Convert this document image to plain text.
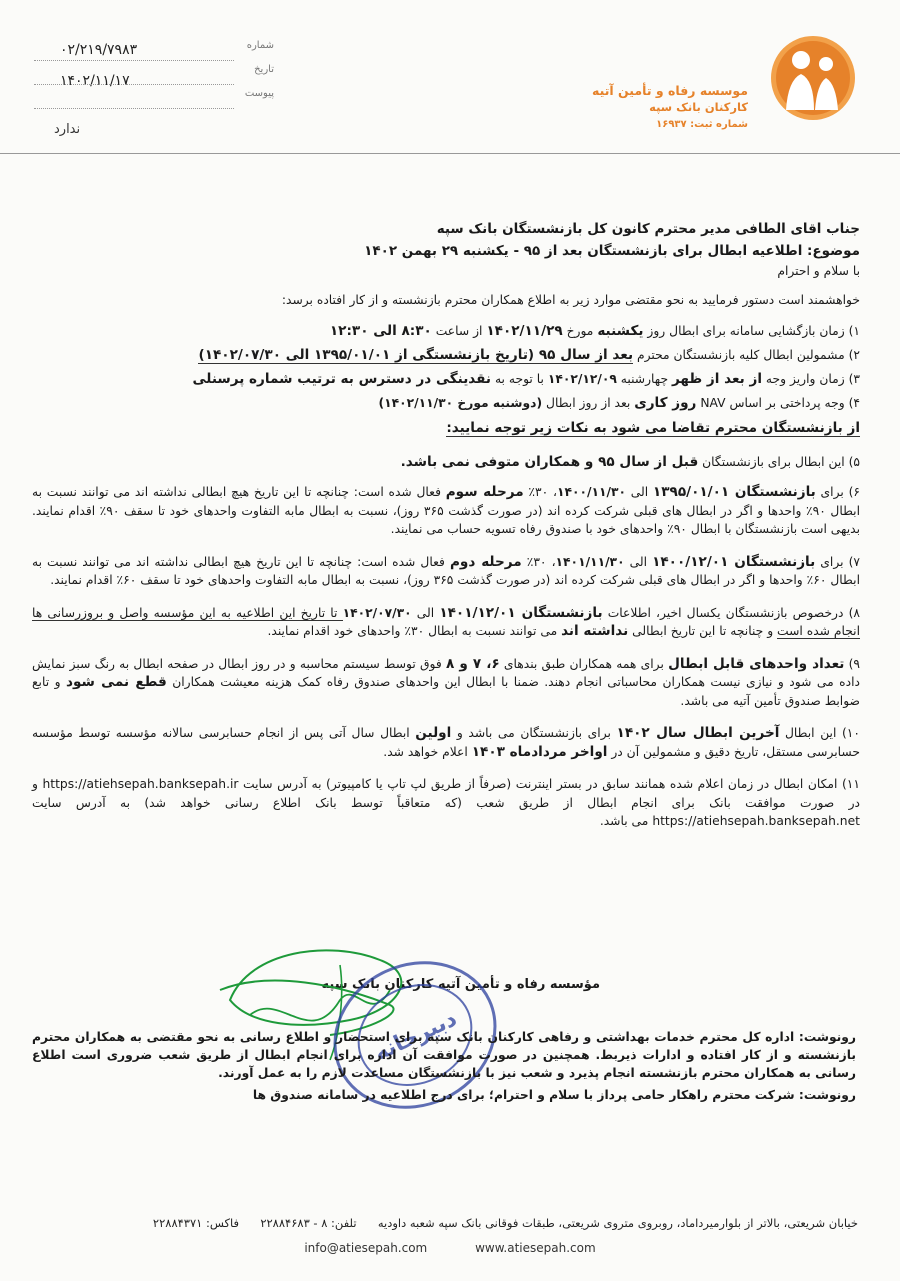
موسسه رفاه و تأمین آتیه
کارکنان بانک سپه
شماره ثبت: ۱۶۹۳۷
شماره
۰۲/۲۱۹/۷۹۸۳
تاریخ
۱۴۰۲/۱۱/۱۷
پیوست
ندارد

جناب اقای الطافی مدیر محترم کانون کل بازنشستگان بانک سپه

موضوع: اطلاعیه ابطال برای بازنشستگان بعد از ۹۵ - یکشنبه ۲۹ بهمن ۱۴۰۲

با سلام و احترام

خواهشمند است دستور فرمایید به نحو مقتضی موارد زیر به اطلاع همکاران محترم بازنشسته و از کار افتاده برسد:

۱) زمان بازگشایی سامانه برای ابطال روز یکشنبه مورخ ۱۴۰۲/۱۱/۲۹ از ساعت ۸:۳۰ الی ۱۲:۳۰

۲) مشمولین ابطال کلیه بازنشستگان محترم بعد از سال ۹۵ (تاریخ بازنشستگی از ۱۳۹۵/۰۱/۰۱ الی ۱۴۰۲/۰۷/۳۰)

۳) زمان واریز وجه از بعد از ظهر چهارشنبه ۱۴۰۲/۱۲/۰۹ با توجه به نقدینگی در دسترس به ترتیب شماره پرسنلی

۴) وجه پرداختی بر اساس NAV روز کاری بعد از روز ابطال (دوشنبه مورخ ۱۴۰۲/۱۱/۳۰)

از بازنشستگان محترم تقاضا می شود به نکات زیر توجه نمایید:

۵) این ابطال برای بازنشستگان قبل از سال ۹۵ و همکاران متوفی نمی باشد.

۶) برای بازنشستگان ۱۳۹۵/۰۱/۰۱ الی ۱۴۰۰/۱۱/۳۰، ۳۰٪ مرحله سوم فعال شده است: چنانچه تا این تاریخ هیچ ابطالی نداشته اند می توانند نسبت به ابطال ۹۰٪ واحدها و اگر در ابطال های قبلی شرکت کرده اند (در صورت گذشت ۳۶۵ روز)، نسبت به ابطال مابه التفاوت واحدهای خود تا سقف ۹۰٪ اقدام نمایند. بدیهی است بازنشستگان با ابطال ۹۰٪ واحدهای خود با صندوق رفاه تسویه حساب می نمایند.

۷) برای بازنشستگان ۱۴۰۰/۱۲/۰۱ الی ۱۴۰۱/۱۱/۳۰، ۳۰٪ مرحله دوم فعال شده است: چنانچه تا این تاریخ هیچ ابطالی نداشته اند می توانند نسبت به ابطال ۶۰٪ واحدها و اگر در ابطال های قبلی شرکت کرده اند (در صورت گذشت ۳۶۵ روز)، نسبت به ابطال مابه التفاوت واحدهای خود تا سقف ۶۰٪ اقدام نمایند.

۸) درخصوص بازنشستگان یکسال اخیر، اطلاعات بازنشستگان ۱۴۰۱/۱۲/۰۱ الی ۱۴۰۲/۰۷/۳۰ تا تاریخ این اطلاعیه به این مؤسسه واصل و بروزرسانی ها انجام شده است و چنانچه تا این تاریخ ابطالی نداشته اند می توانند نسبت به ابطال ۳۰٪ واحدهای خود اقدام نمایند.

۹) تعداد واحدهای قابل ابطال برای همه همکاران طبق بندهای ۶، ۷ و ۸ فوق توسط سیستم محاسبه و در روز ابطال در صفحه ابطال به رنگ سبز نمایش داده می شود و نیازی نیست همکاران محاسباتی انجام دهند. ضمنا با ابطال این واحدهای صندوق رفاه کمک هزینه معیشت همکاران قطع نمی شود و تابع ضوابط صندوق تأمین آتیه می باشد.

۱۰) این ابطال آخرین ابطال سال ۱۴۰۲ برای بازنشستگان می باشد و اولین ابطال سال آتی پس از انجام حسابرسی سالانه مؤسسه توسط مؤسسه حسابرسی مستقل، تاریخ دقیق و مشمولین آن در اواخر مردادماه ۱۴۰۳ اعلام خواهد شد.

۱۱) امکان ابطال در زمان اعلام شده همانند سابق در بستر اینترنت (صرفاً از طریق لپ تاپ یا کامپیوتر) به آدرس سایت https://atiehsepah.banksepah.ir و در صورت موافقت بانک برای انجام ابطال از طریق شعب (که متعاقباً توسط بانک اطلاع رسانی خواهد شد) به آدرس سایت https://atiehsepah.banksepah.net می باشد.

مؤسسه رفاه و تأمین آتیه کارکنان بانک سپه
دبیرخانه

رونوشت: اداره کل محترم خدمات بهداشتی و رفاهی کارکنان بانک سپه برای استحضار و اطلاع رسانی به نحو مقتضی به همکاران محترم بازنشسته و از کار افتاده و ادارات ذیربط. همچنین در صورت موافقت آن اداره برای انجام ابطال از طریق شعب ضروری است اطلاع رسانی به همکاران محترم بازنشسته انجام پذیرد و شعب نیز با بازنشستگان مساعدت لازم را به عمل آورند.

رونوشت: شرکت محترم راهکار حامی پرداز با سلام و احترام؛ برای درج اطلاعیه در سامانه صندوق ها

خیابان شریعتی، بالاتر از بلوارمیرداماد، روبروی متروی شریعتی، طبقات فوقانی بانک سپه شعبه داودیه  تلفن: ۸ - ۲۲۸۸۴۶۸۳  فاکس: ۲۲۸۸۴۳۷۱
info@atiesepah.com	www.atiesepah.com
